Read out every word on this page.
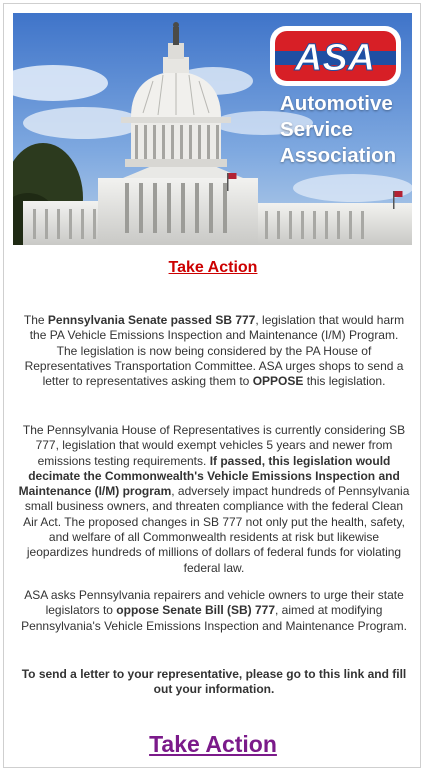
ASA
Automotive
Service
Association
Take Action

The Pennsylvania Senate passed SB 777, legislation that would harm the PA Vehicle Emissions Inspection and Maintenance (I/M) Program. The legislation is now being considered by the PA House of Representatives Transportation Committee. ASA urges shops to send a letter to representatives asking them to OPPOSE this legislation.

The Pennsylvania House of Representatives is currently considering SB 777, legislation that would exempt vehicles 5 years and newer from emissions testing requirements. If passed, this legislation would decimate the Commonwealth's Vehicle Emissions Inspection and Maintenance (I/M) program, adversely impact hundreds of Pennsylvania small business owners, and threaten compliance with the federal Clean Air Act. The proposed changes in SB 777 not only put the health, safety, and welfare of all Commonwealth residents at risk but likewise jeopardizes hundreds of millions of dollars of federal funds for violating federal law.

ASA asks Pennsylvania repairers and vehicle owners to urge their state legislators to oppose Senate Bill (SB) 777, aimed at modifying Pennsylvania's Vehicle Emissions Inspection and Maintenance Program.

To send a letter to your representative, please go to this link and fill out your information.

Take Action
